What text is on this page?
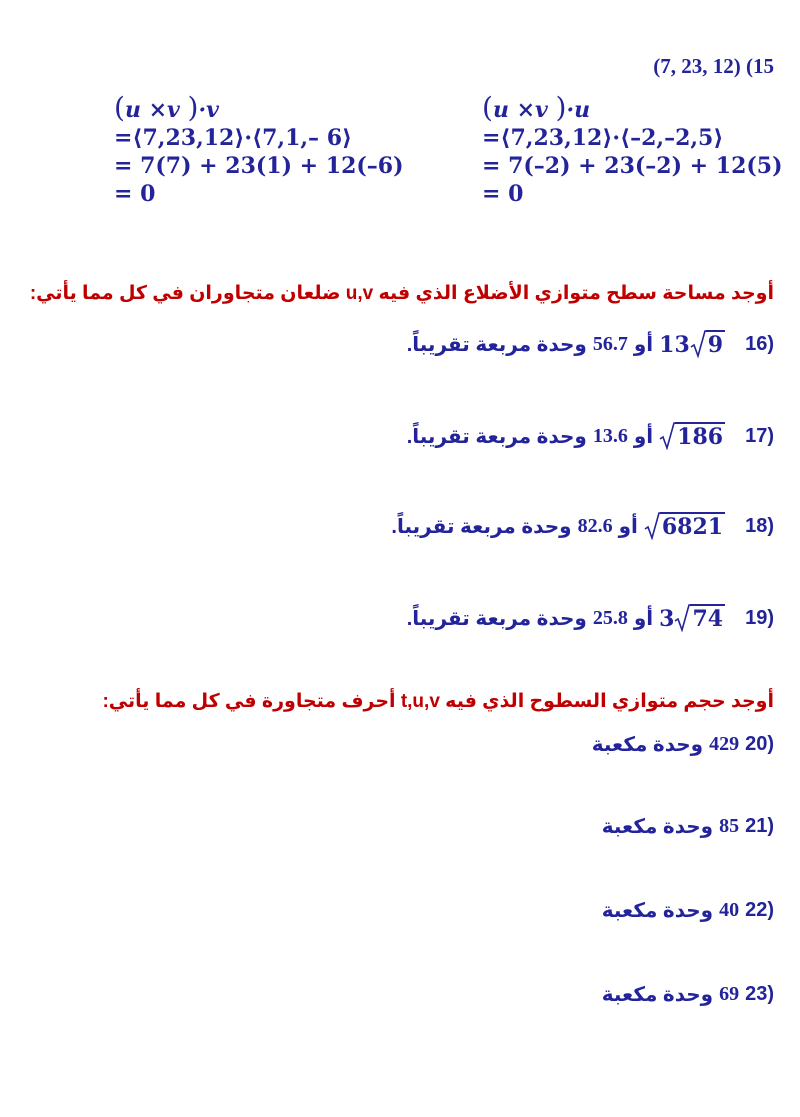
(7, 23, 12) (15
(u ×v )·v
=⟨7,23,12⟩·⟨7,1,– 6⟩
= 7(7) + 23(1) + 12(–6)
= 0
(u ×v )·u
=⟨7,23,12⟩·⟨–2,–2,5⟩
= 7(–2) + 23(–2) + 12(5)
= 0
أوجد مساحة سطح متوازي الأضلاع الذي فيه u,v ضلعان متجاوران في كل مما يأتي:
وحدة مربعة تقريباً. 56.7 أو 13 9 16)
وحدة مربعة تقريباً. 13.6 أو 186 17)
وحدة مربعة تقريباً. 82.6 أو 6821 18)
وحدة مربعة تقريباً. 25.8 أو 3 74 19)
أوجد حجم متوازي السطوح الذي فيه t,u,v أحرف متجاورة في كل مما يأتي:
وحدة مكعبة 429 20)
وحدة مكعبة 85 21)
وحدة مكعبة 40 22)
وحدة مكعبة 69 23)
